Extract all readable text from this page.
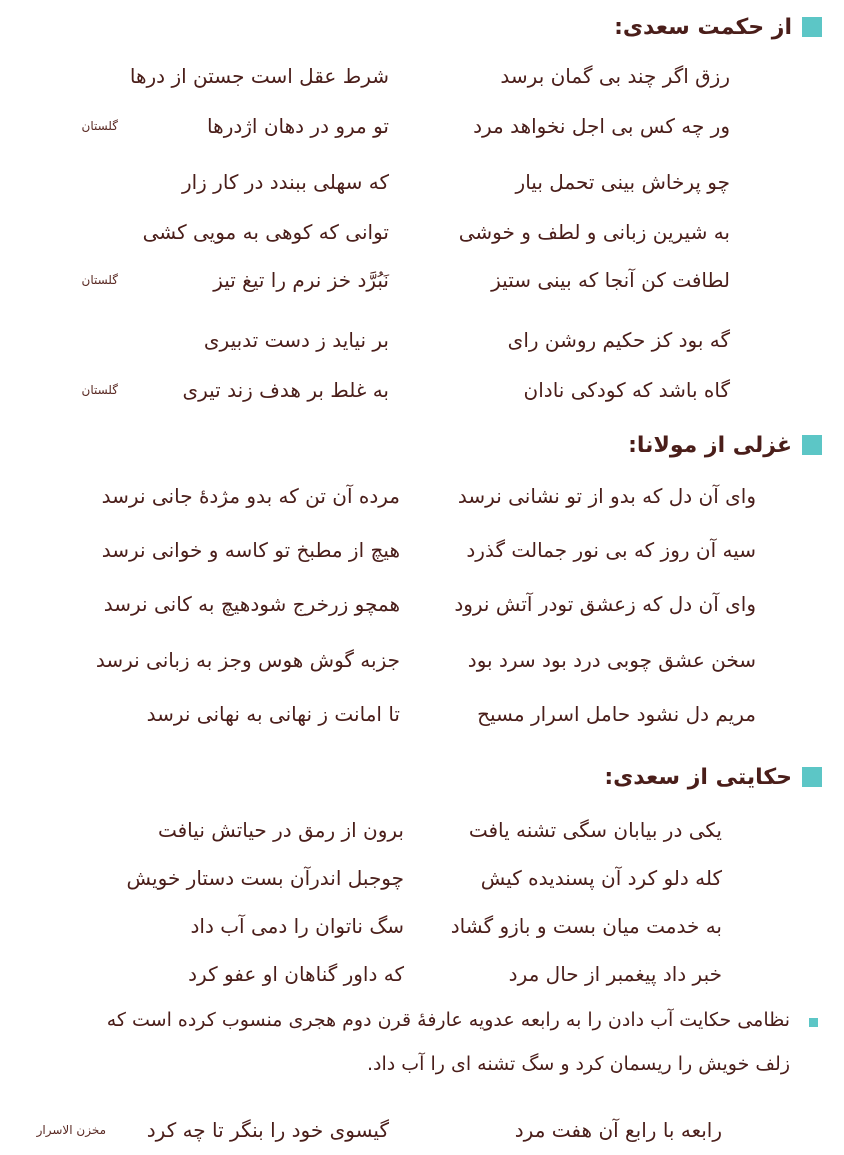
از حکمت سعدی:
رزق اگر چند بی گمان برسد
شرط عقل است جستن از درها
ور چه کس بی اجل نخواهد مرد
تو مرو در دهان اژدرها
گلستان
چو پرخاش بینی تحمل بیار
که سهلی ببندد در کار زار
به شیرین زبانی و لطف و خوشی
توانی که کوهی به مویی کشی
لطافت کن آنجا که بینی ستیز
نَبُرَّد خز نرم را تیغ تیز
گلستان
گه بود کز حکیم روشن رای
بر نیاید ز دست تدبیری
گاه باشد که کودکی نادان
به غلط بر هدف زند تیری
گلستان
غزلی از مولانا:
وای آن دل که بدو از تو نشانی نرسد
مرده آن تن که بدو مژدهٔ جانی نرسد
سیه آن روز که بی نور جمالت گذرد
هیچ از مطبخ تو کاسه و خوانی نرسد
وای آن دل که زعشق تودر آتش نرود
همچو زرخرج شودهیچ به کانی نرسد
سخن عشق چوبی درد بود سرد بود
جزبه گوش هوس وجز به زبانی نرسد
مریم دل نشود حامل اسرار مسیح
تا امانت ز نهانی به نهانی نرسد
حکایتی از سعدی:
یکی در بیابان سگی تشنه یافت
برون از رمق در حیاتش نیافت
کله دلو کرد آن پسندیده کیش
چوجبل اندرآن بست دستار خویش
به خدمت میان بست و بازو گشاد
سگ ناتوان را دمی آب داد
خبر داد پیغمبر از حال مرد
که داور گناهان او عفو کرد

نظامی حکایت آب دادن را به رابعه عدویه عارفهٔ قرن دوم هجری منسوب کرده است که

زلف خویش را ریسمان کرد و سگ تشنه ای را آب داد.

رابعه با رابع آن هفت مرد
گیسوی خود را بنگر تا چه کرد
مخزن الاسرار
